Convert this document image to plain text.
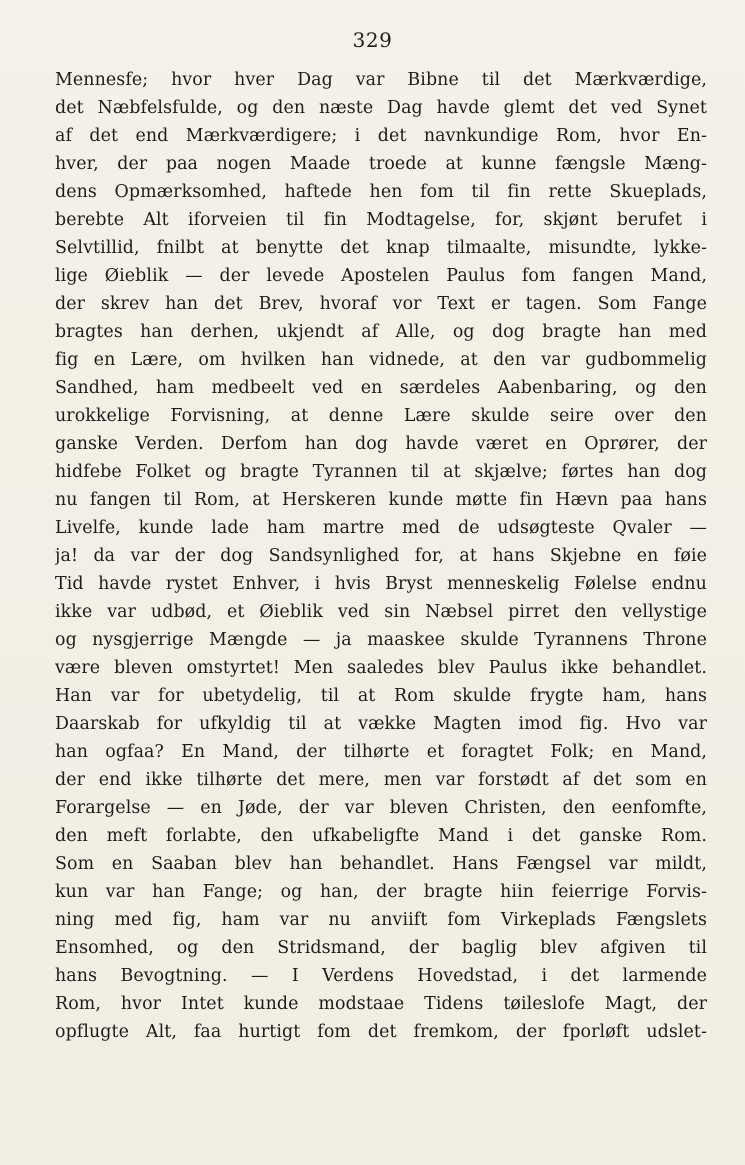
329
Mennesfe; hvor hver Dag var Bibne til det Mærkværdige,
det Næbfelsfulde, og den næste Dag havde glemt det ved Synet
af det end Mærkværdigere; i det navnkundige Rom, hvor En-
hver, der paa nogen Maade troede at kunne fængsle Mæng-
dens Opmærksomhed, haftede hen fom til fin rette Skueplads,
berebte Alt iforveien til fin Modtagelse, for, skjønt berufet i
Selvtillid, fnilbt at benytte det knap tilmaalte, misundte, lykke-
lige Øieblik — der levede Apostelen Paulus fom fangen Mand,
der skrev han det Brev, hvoraf vor Text er tagen. Som Fange
bragtes han derhen, ukjendt af Alle, og dog bragte han med
fig en Lære, om hvilken han vidnede, at den var gudbommelig
Sandhed, ham medbeelt ved en særdeles Aabenbaring, og den
urokkelige Forvisning, at denne Lære skulde seire over den
ganske Verden. Derfom han dog havde været en Oprører, der
hidfebe Folket og bragte Tyrannen til at skjælve; førtes han dog
nu fangen til Rom, at Herskeren kunde møtte fin Hævn paa hans
Livelfe, kunde lade ham martre med de udsøgteste Qvaler —
ja! da var der dog Sandsynlighed for, at hans Skjebne en føie
Tid havde rystet Enhver, i hvis Bryst menneskelig Følelse endnu
ikke var udbød, et Øieblik ved sin Næbsel pirret den vellystige
og nysgjerrige Mængde — ja maaskee skulde Tyrannens Throne
være bleven omstyrtet! Men saaledes blev Paulus ikke behandlet.
Han var for ubetydelig, til at Rom skulde frygte ham, hans
Daarskab for ufkyldig til at vække Magten imod fig. Hvo var
han ogfaa? En Mand, der tilhørte et foragtet Folk; en Mand,
der end ikke tilhørte det mere, men var forstødt af det som en
Forargelse — en Jøde, der var bleven Christen, den eenfomfte,
den meft forlabte, den ufkabeligfte Mand i det ganske Rom.
Som en Saaban blev han behandlet. Hans Fængsel var mildt,
kun var han Fange; og han, der bragte hiin feierrige Forvis-
ning med fig, ham var nu anviift fom Virkeplads Fængslets
Ensomhed, og den Stridsmand, der baglig blev afgiven til
hans Bevogtning. — I Verdens Hovedstad, i det larmende
Rom, hvor Intet kunde modstaae Tidens tøileslofe Magt, der
opflugte Alt, faa hurtigt fom det fremkom, der fporløft udslet-
